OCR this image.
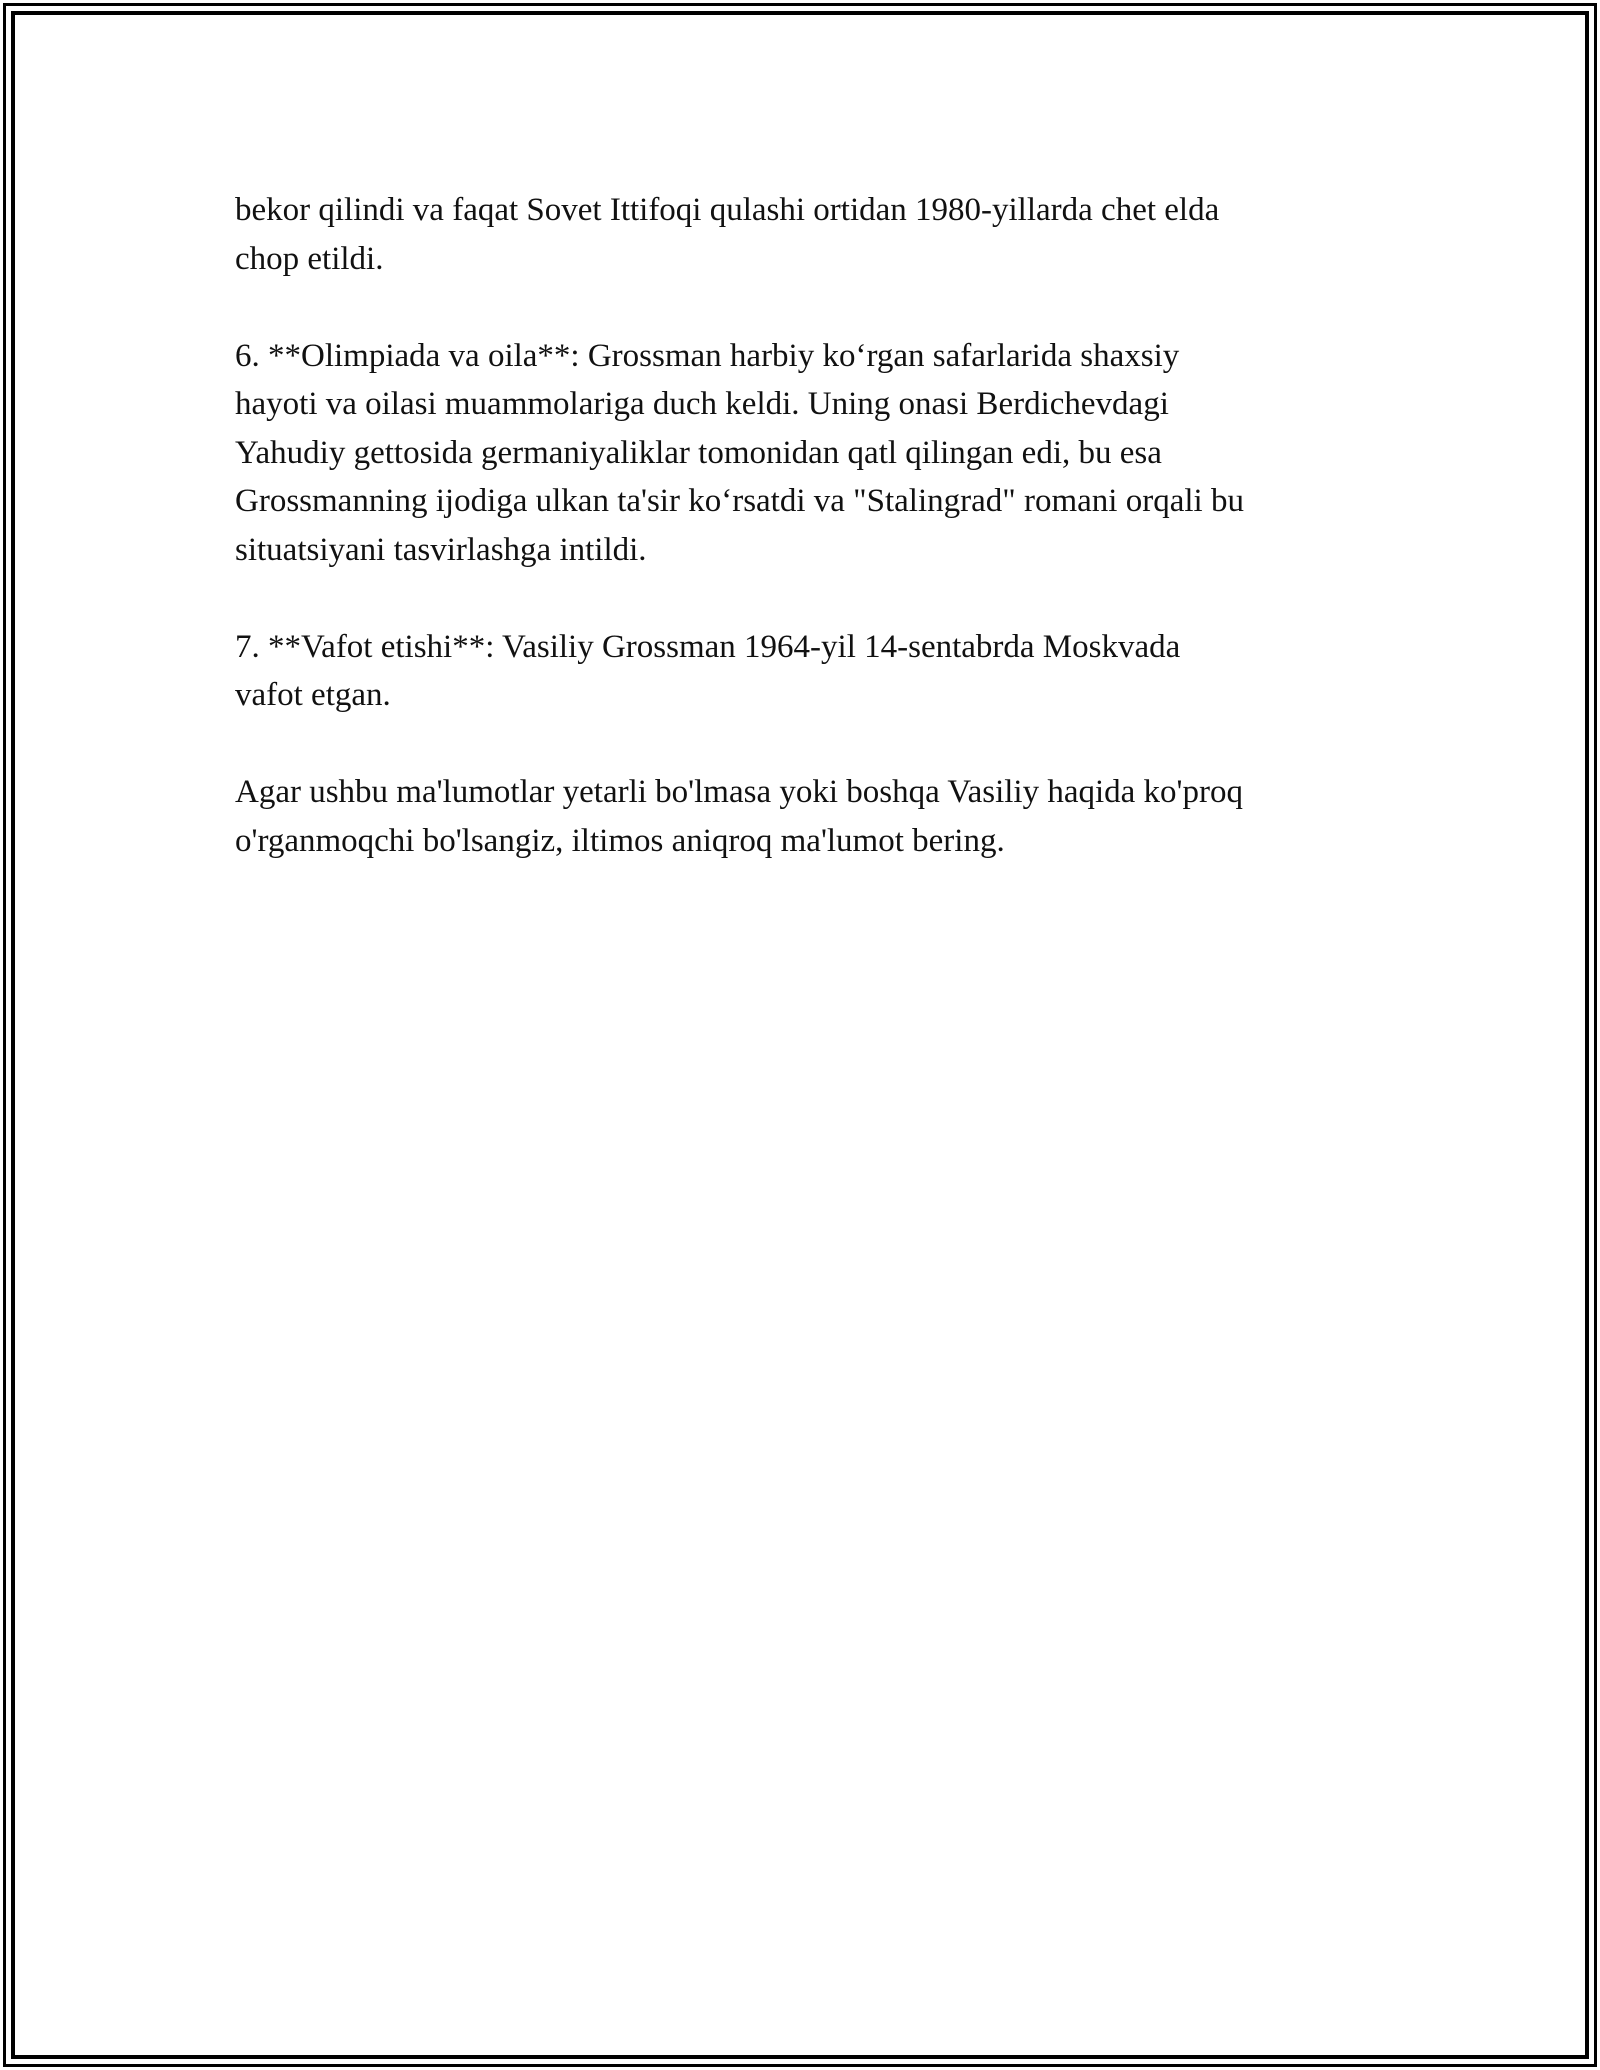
bekor qilindi va faqat Sovet Ittifoqi qulashi ortidan 1980-yillarda chet elda
chop etildi.

6. **Olimpiada va oila**: Grossman harbiy ko‘rgan safarlarida shaxsiy
hayoti va oilasi muammolariga duch keldi. Uning onasi Berdichevdagi
Yahudiy gettosida germaniyaliklar tomonidan qatl qilingan edi, bu esa
Grossmanning ijodiga ulkan ta'sir ko‘rsatdi va "Stalingrad" romani orqali bu
situatsiyani tasvirlashga intildi.

7. **Vafot etishi**: Vasiliy Grossman 1964-yil 14-sentabrda Moskvada
vafot etgan.

Agar ushbu ma'lumotlar yetarli bo'lmasa yoki boshqa Vasiliy haqida ko'proq
o'rganmoqchi bo'lsangiz, iltimos aniqroq ma'lumot bering.
